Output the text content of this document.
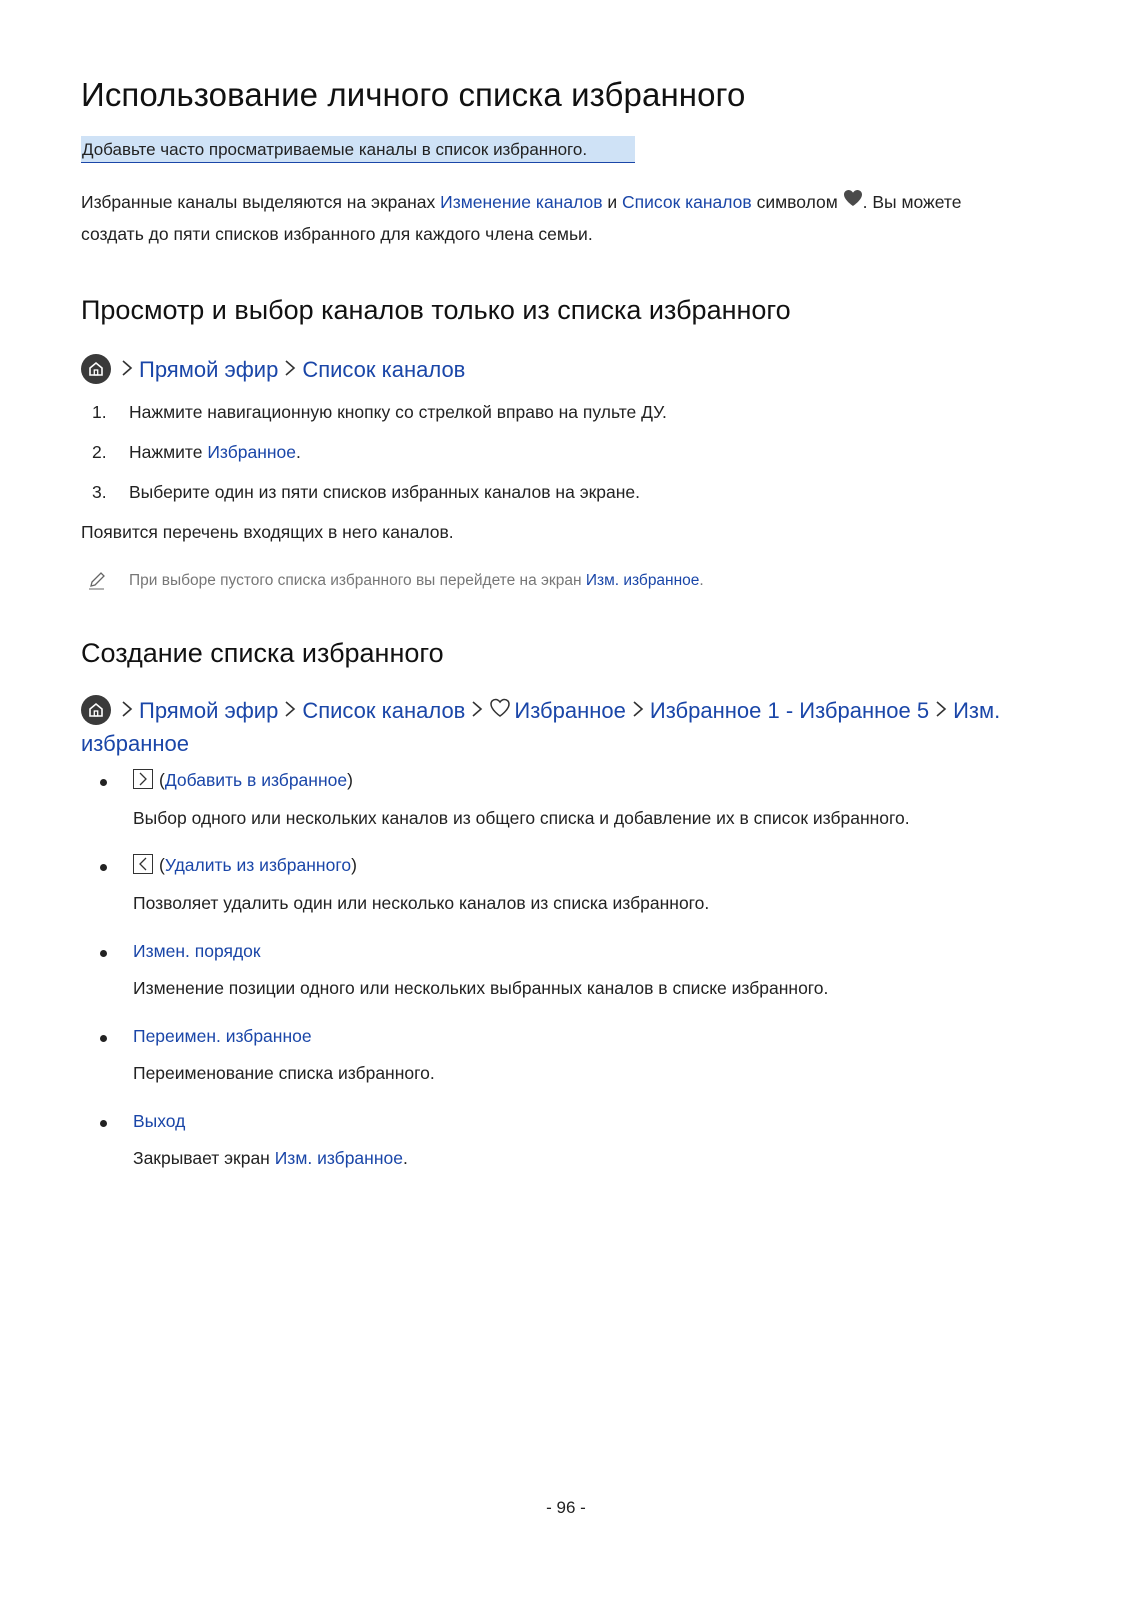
Использование личного списка избранного
Добавьте часто просматриваемые каналы в список избранного.
Избранные каналы выделяются на экранах Изменение каналов и Список каналов символом . Вы можете
создать до пяти списков избранного для каждого члена семьи.
Просмотр и выбор каналов только из списка избранного
Прямой эфир Список каналов
1.	Нажмите навигационную кнопку со стрелкой вправо на пульте ДУ.
2.	Нажмите Избранное.
3.	Выберите один из пяти списков избранных каналов на экране.
Появится перечень входящих в него каналов.
При выборе пустого списка избранного вы перейдете на экран Изм. избранное.
Создание списка избранного
Прямой эфир Список каналов Избранное Избранное 1 - Избранное 5 Изм.
избранное
(Добавить в избранное)
Выбор одного или нескольких каналов из общего списка и добавление их в список избранного.
(Удалить из избранного)
Позволяет удалить один или несколько каналов из списка избранного.
Измен. порядок
Изменение позиции одного или нескольких выбранных каналов в списке избранного.
Переимен. избранное
Переименование списка избранного.
Выход
Закрывает экран Изм. избранное.
- 96 -
